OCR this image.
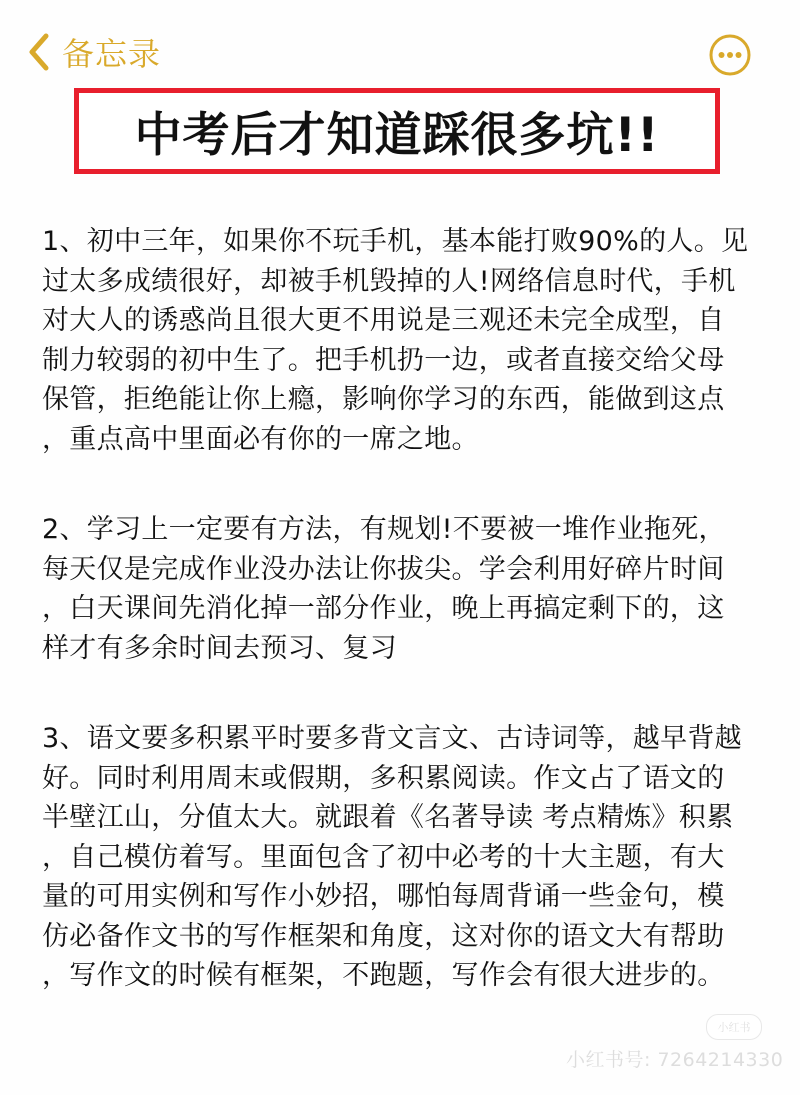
备忘录
中考后才知道踩很多坑!!
1、初中三年，如果你不玩手机，基本能打败90%的人。见
过太多成绩很好，却被手机毁掉的人!网络信息时代，手机
对大人的诱惑尚且很大更不用说是三观还未完全成型，自
制力较弱的初中生了。把手机扔一边，或者直接交给父母
保管，拒绝能让你上瘾，影响你学习的东西，能做到这点
，重点高中里面必有你的一席之地。
2、学习上一定要有方法，有规划!不要被一堆作业拖死，
每天仅是完成作业没办法让你拔尖。学会利用好碎片时间
，白天课间先消化掉一部分作业，晚上再搞定剩下的，这
样才有多余时间去预习、复习
3、语文要多积累平时要多背文言文、古诗词等，越早背越
好。同时利用周末或假期，多积累阅读。作文占了语文的
半壁江山，分值太大。就跟着《名著导读 考点精炼》积累
，自己模仿着写。里面包含了初中必考的十大主题，有大
量的可用实例和写作小妙招，哪怕每周背诵一些金句，模
仿必备作文书的写作框架和角度，这对你的语文大有帮助
，写作文的时候有框架，不跑题，写作会有很大进步的。
小红书
小红书号: 7264214330
